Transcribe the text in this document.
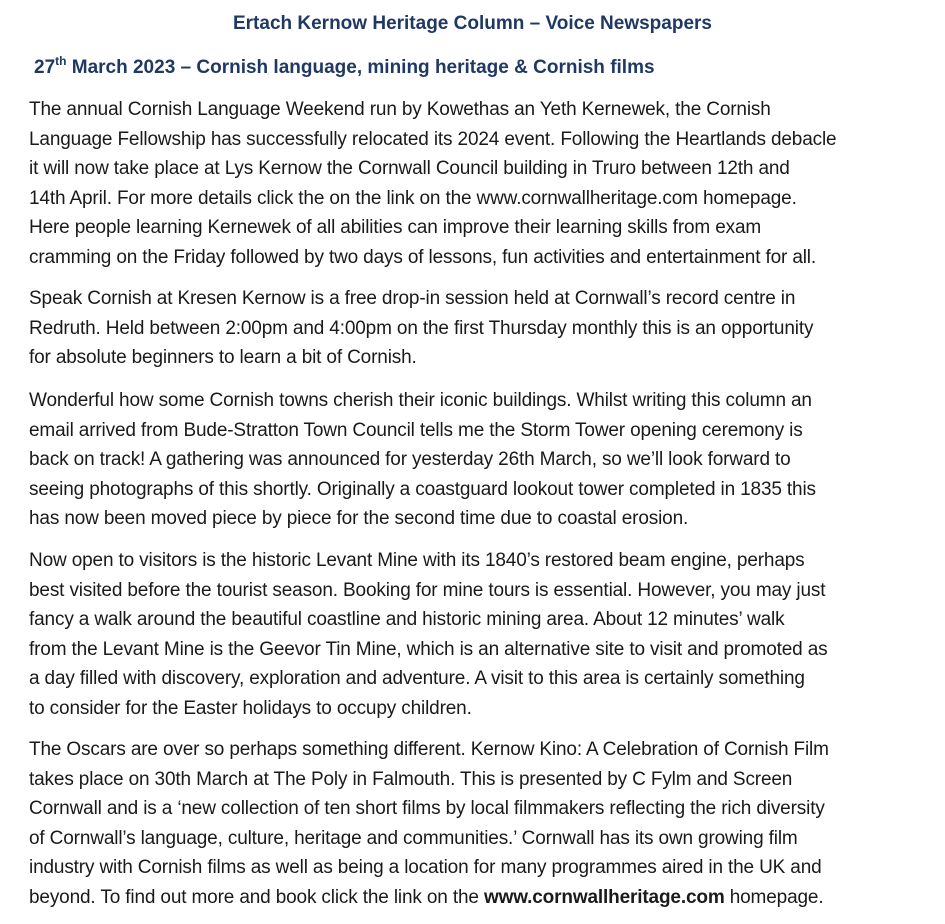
Ertach Kernow Heritage Column – Voice Newspapers
27th March 2023 – Cornish language, mining heritage & Cornish films

The annual Cornish Language Weekend run by Kowethas an Yeth Kernewek, the Cornish
Language Fellowship has successfully relocated its 2024 event. Following the Heartlands debacle
it will now take place at Lys Kernow the Cornwall Council building in Truro between 12th and
14th April. For more details click the on the link on the www.cornwallheritage.com homepage.
Here people learning Kernewek of all abilities can improve their learning skills from exam
cramming on the Friday followed by two days of lessons, fun activities and entertainment for all.

Speak Cornish at Kresen Kernow is a free drop-in session held at Cornwall’s record centre in
Redruth. Held between 2:00pm and 4:00pm on the first Thursday monthly this is an opportunity
for absolute beginners to learn a bit of Cornish.

Wonderful how some Cornish towns cherish their iconic buildings. Whilst writing this column an
email arrived from Bude-Stratton Town Council tells me the Storm Tower opening ceremony is
back on track! A gathering was announced for yesterday 26th March, so we’ll look forward to
seeing photographs of this shortly. Originally a coastguard lookout tower completed in 1835 this
has now been moved piece by piece for the second time due to coastal erosion.

Now open to visitors is the historic Levant Mine with its 1840’s restored beam engine, perhaps
best visited before the tourist season. Booking for mine tours is essential. However, you may just
fancy a walk around the beautiful coastline and historic mining area. About 12 minutes’ walk
from the Levant Mine is the Geevor Tin Mine, which is an alternative site to visit and promoted as
a day filled with discovery, exploration and adventure. A visit to this area is certainly something
to consider for the Easter holidays to occupy children.

The Oscars are over so perhaps something different. Kernow Kino: A Celebration of Cornish Film
takes place on 30th March at The Poly in Falmouth. This is presented by C Fylm and Screen
Cornwall and is a ‘new collection of ten short films by local filmmakers reflecting the rich diversity
of Cornwall’s language, culture, heritage and communities.’ Cornwall has its own growing film
industry with Cornish films as well as being a location for many programmes aired in the UK and
beyond. To find out more and book click the link on the www.cornwallheritage.com homepage.
